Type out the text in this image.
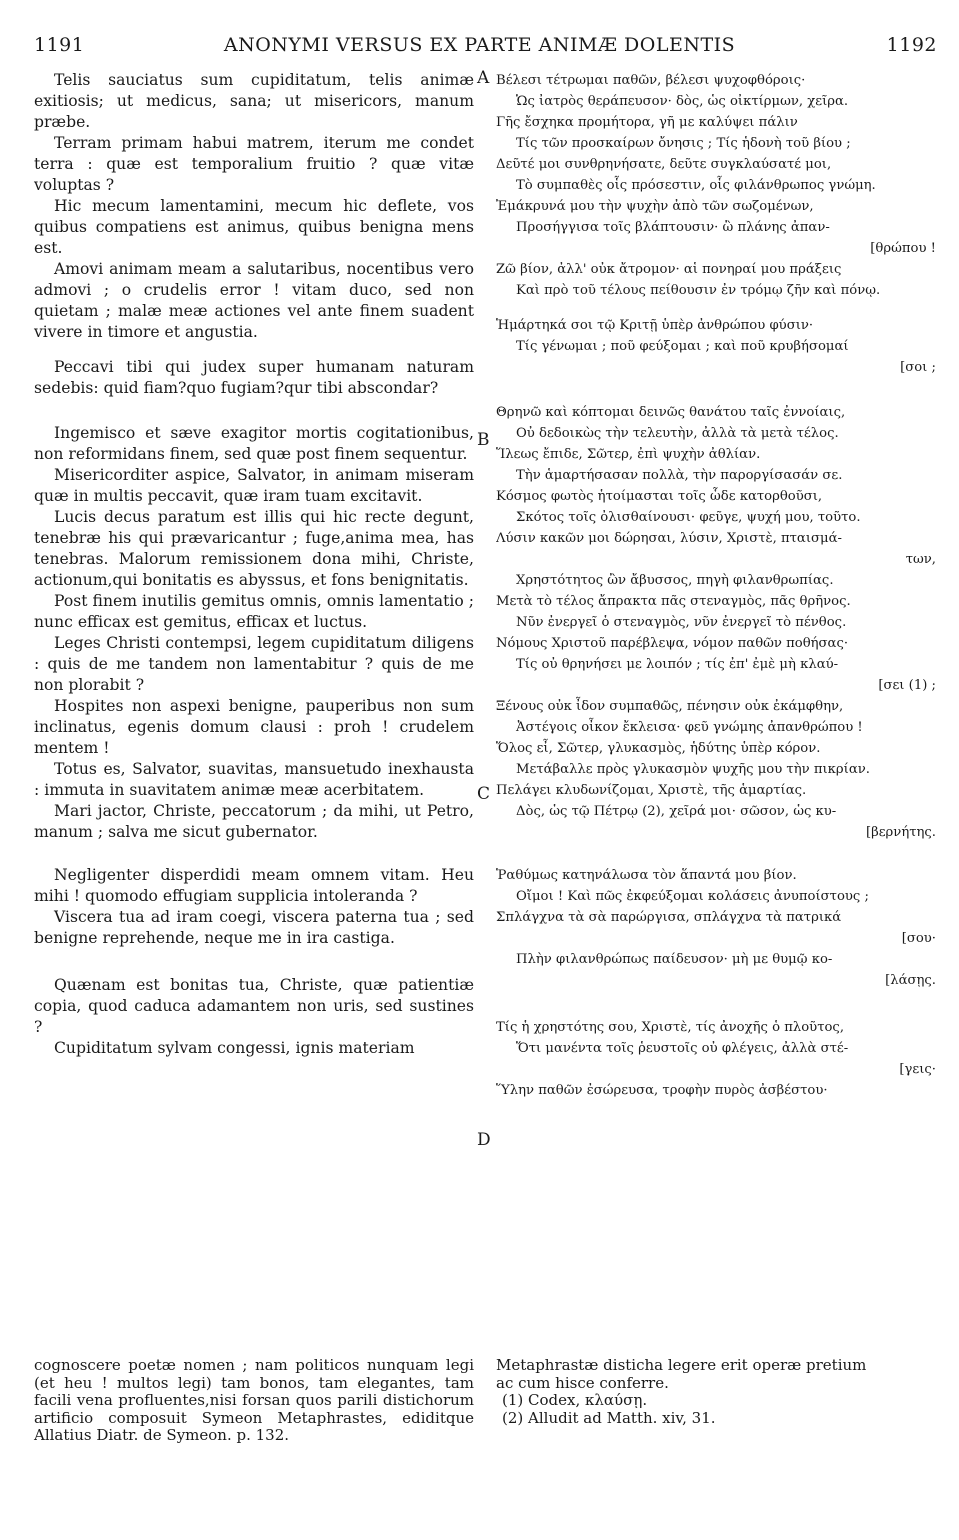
1191	ANONYMI VERSUS EX PARTE ANIMÆ DOLENTIS	1192

Telis sauciatus sum cupiditatum, telis animæ exitiosis; ut medicus, sana; ut misericors, manum præbe.

Terram primam habui matrem, iterum me condet terra : quæ est temporalium fruitio ? quæ vitæ voluptas ?

Hic mecum lamentamini, mecum hic deflete, vos quibus compatiens est animus, quibus benigna mens est.

Amovi animam meam a salutaribus, nocentibus vero admovi ; o crudelis error ! vitam duco, sed non quietam ; malæ meæ actiones vel ante finem suadent vivere in timore et angustia.

Peccavi tibi qui judex super humanam naturam sedebis: quid fiam?quo fugiam?qur tibi abscondar?

Ingemisco et sæve exagitor mortis cogitationibus, non reformidans finem, sed quæ post finem sequentur.

Misericorditer aspice, Salvator, in animam miseram quæ in multis peccavit, quæ iram tuam excitavit.

Lucis decus paratum est illis qui hic recte degunt, tenebræ his qui prævaricantur ; fuge,anima mea, has tenebras. Malorum remissionem dona mihi, Christe, actionum,qui bonitatis es abyssus, et fons benignitatis.

Post finem inutilis gemitus omnis, omnis lamentatio ; nunc efficax est gemitus, efficax et luctus.

Leges Christi contempsi, legem cupiditatum diligens : quis de me tandem non lamentabitur ? quis de me non plorabit ?

Hospites non aspexi benigne, pauperibus non sum inclinatus, egenis domum clausi : proh ! crudelem mentem !

Totus es, Salvator, suavitas, mansuetudo inexhausta : immuta in suavitatem animæ meæ acerbitatem.

Mari jactor, Christe, peccatorum ; da mihi, ut Petro, manum ; salva me sicut gubernator.

Negligenter disperdidi meam omnem vitam. Heu mihi ! quomodo effugiam supplicia intoleranda ?

Viscera tua ad iram coegi, viscera paterna tua ; sed benigne reprehende, neque me in ira castiga.

Quænam est bonitas tua, Christe, quæ patientiæ copia, quod caduca adamantem non uris, sed sustines ?

Cupiditatum sylvam congessi, ignis materiam

A
B
C
D
Βέλεσι τέτρωμαι παθῶν, βέλεσι ψυχοφθόροις·
Ὡς ἰατρὸς θεράπευσον· δὸς, ὡς οἰκτίρμων, χεῖρα.
Γῆς ἔσχηκα προμήτορα, γῆ με καλύψει πάλιν
Τίς τῶν προσκαίρων ὄνησις ; Τίς ἡδονὴ τοῦ βίου ;
Δεῦτέ μοι συνθρηνήσατε, δεῦτε συγκλαύσατέ μοι,
Τὸ συμπαθὲς οἷς πρόσεστιν, οἷς φιλάνθρωπος γνώμη.
Ἐμάκρυνά μου τὴν ψυχὴν ἀπὸ τῶν σωζομένων,
Προσήγγισα τοῖς βλάπτουσιν· ὢ πλάνης ἀπαν-
[θρώπου !
Ζῶ βίον, ἀλλ' οὐκ ἄτρομον· αἱ πονηραί μου πράξεις
Καὶ πρὸ τοῦ τέλους πείθουσιν ἐν τρόμῳ ζῆν καὶ πόνῳ.
Ἡμάρτηκά σοι τῷ Κριτῇ ὑπὲρ ἀνθρώπου φύσιν·
Τίς γένωμαι ; ποῦ φεύξομαι ; καὶ ποῦ κρυβήσομαί
[σοι ;
Θρηνῶ καὶ κόπτομαι δεινῶς θανάτου ταῖς ἐννοίαις,
Οὐ δεδοικὼς τὴν τελευτὴν, ἀλλὰ τὰ μετὰ τέλος.
Ἵλεως ἔπιδε, Σῶτερ, ἐπὶ ψυχὴν ἀθλίαν.
Τὴν ἁμαρτήσασαν πολλὰ, τὴν παροργίσασάν σε.
Κόσμος φωτὸς ἡτοίμασται τοῖς ὧδε κατορθοῦσι,
Σκότος τοῖς ὀλισθαίνουσι· φεῦγε, ψυχή μου, τοῦτο.
Λύσιν κακῶν μοι δώρησαι, λύσιν, Χριστὲ, πταισμά-
των,
Χρηστότητος ὢν ἄβυσσος, πηγὴ φιλανθρωπίας.
Μετὰ τὸ τέλος ἄπρακτα πᾶς στεναγμὸς, πᾶς θρῆνος.
Νῦν ἐνεργεῖ ὁ στεναγμὸς, νῦν ἐνεργεῖ τὸ πένθος.
Νόμους Χριστοῦ παρέβλεψα, νόμον παθῶν ποθήσας·
Τίς οὐ θρηνήσει με λοιπόν ; τίς ἐπ' ἐμὲ μὴ κλαύ-
[σει (1) ;
Ξένους οὐκ ἶδον συμπαθῶς, πένησιν οὐκ ἐκάμφθην,
Ἀστέγοις οἶκον ἔκλεισα· φεῦ γνώμης ἀπανθρώπου !
Ὅλος εἶ, Σῶτερ, γλυκασμὸς, ἡδύτης ὑπὲρ κόρον.
Μετάβαλλε πρὸς γλυκασμὸν ψυχῆς μου τὴν πικρίαν.
Πελάγει κλυδωνίζομαι, Χριστὲ, τῆς ἁμαρτίας.
Δὸς, ὡς τῷ Πέτρῳ (2), χεῖρά μοι· σῶσον, ὡς κυ-
[βερνήτης.
Ῥαθύμως κατηνάλωσα τὸν ἅπαντά μου βίον.
Οἴμοι ! Καὶ πῶς ἐκφεύξομαι κολάσεις ἀνυποίστους ;
Σπλάγχνα τὰ σὰ παρώργισα, σπλάγχνα τὰ πατρικά
[σου·
Πλὴν φιλανθρώπως παίδευσον· μὴ με θυμῷ κο-
[λάσῃς.
Τίς ἡ χρηστότης σου, Χριστὲ, τίς ἀνοχῆς ὁ πλοῦτος,
Ὅτι μανέντα τοῖς ῥευστοῖς οὐ φλέγεις, ἀλλὰ στέ-
[γεις·
Ὕλην παθῶν ἐσώρευσα, τροφὴν πυρὸς ἀσβέστου·

cognoscere poetæ nomen ; nam politicos nunquam legi (et heu ! multos legi) tam bonos, tam elegantes, tam facili vena profluentes,nisi forsan quos parili distichorum artificio composuit Symeon Metaphrastes, ediditque Allatius Diatr. de Symeon. p. 132.

Metaphrastæ disticha legere erit operæ pretium
ac cum hisce conferre.
(1) Codex, κλαύσῃ.
(2) Alludit ad Matth. xiv, 31.
